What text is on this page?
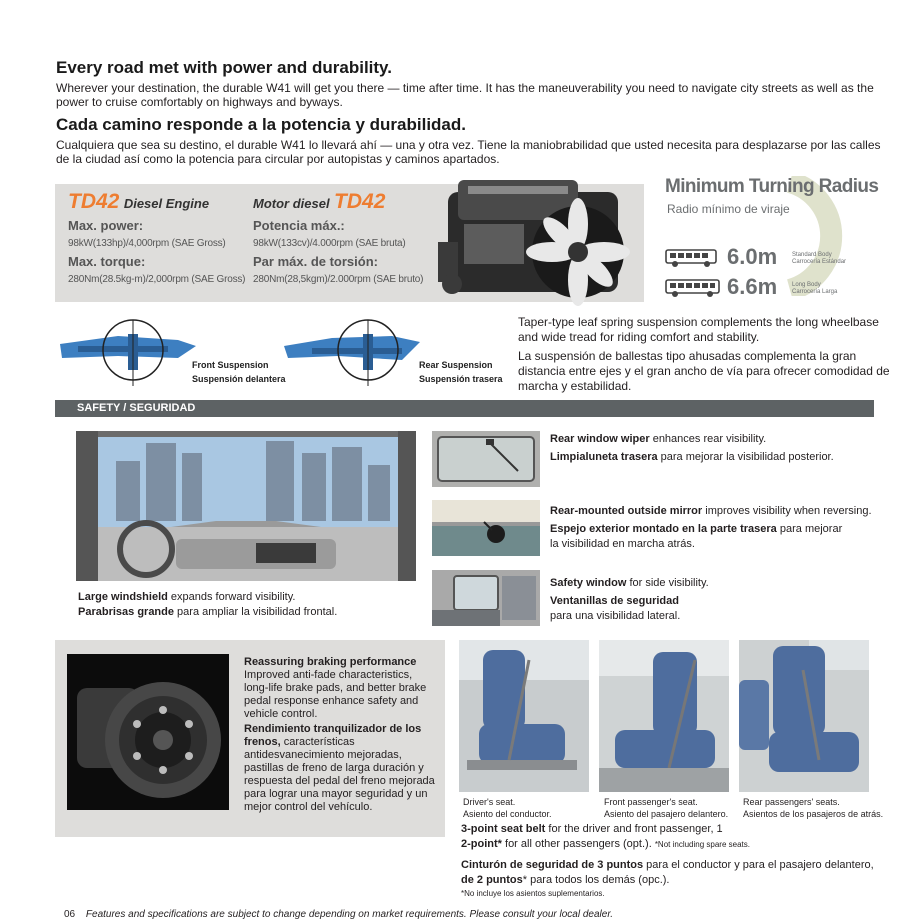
Every road met with power and durability.
Wherever your destination, the durable W41 will get you there — time after time. It has the maneuverability you need to navigate city streets as well as the power to cruise comfortably on highways and byways.
Cada camino responde a la potencia y durabilidad.
Cualquiera que sea su destino, el durable W41 lo llevará ahí — una y otra vez. Tiene la maniobrabilidad que usted necesita para desplazarse por las calles de la ciudad así como la potencia para circular por autopistas y caminos apartados.
TD42 Diesel Engine
Max. power:
98kW(133hp)/4,000rpm (SAE Gross)
Max. torque:
280Nm(28.5kg-m)/2,000rpm (SAE Gross)
Motor diesel TD42
Potencia máx.:
98kW(133cv)/4.000rpm (SAE bruta)
Par máx. de torsión:
280Nm(28,5kgm)/2.000rpm (SAE bruto)
Minimum Turning Radius
Radio mínimo de viraje
6.0m Standard Body
Carrocería Estándar
6.6m Long Body
Carrocería Larga
Front Suspension
Suspensión delantera
Rear Suspension
Suspensión trasera
Taper-type leaf spring suspension complements the long wheelbase and wide tread for riding comfort and stability.
La suspensión de ballestas tipo ahusadas complementa la gran distancia entre ejes y el gran ancho de vía para ofrecer comodidad de marcha y estabilidad.
SAFETY / SEGURIDAD
Large windshield expands forward visibility.
Parabrisas grande para ampliar la visibilidad frontal.
Rear window wiper enhances rear visibility.
Limpialuneta trasera para mejorar la visibilidad posterior.
Rear-mounted outside mirror improves visibility when reversing.
Espejo exterior montado en la parte trasera para mejorar
la visibilidad en marcha atrás.
Safety window for side visibility.
Ventanillas de seguridad
para una visibilidad lateral.
Reassuring braking performance
Improved anti-fade characteristics, long-life brake pads, and better brake pedal response enhance safety and vehicle control.
Rendimiento tranquilizador de los frenos, características antidesvanecimiento mejoradas, pastillas de freno de larga duración y respuesta del pedal del freno mejorada para lograr una mayor seguridad y un mejor control del vehículo.	Driver's seat.
Asiento del conductor.
Front passenger's seat.
Asiento del pasajero delantero.
Rear passengers' seats.
Asientos de los pasajeros de atrás.
3-point seat belt for the driver and front passenger, 1
2-point* for all other passengers (opt.). *Not including spare seats.
Cinturón de seguridad de 3 puntos para el conductor y para el pasajero delantero,
de 2 puntos* para todos los demás (opc.).
*No incluye los asientos suplementarios.
06 Features and specifications are subject to change depending on market requirements. Please consult your local dealer.
